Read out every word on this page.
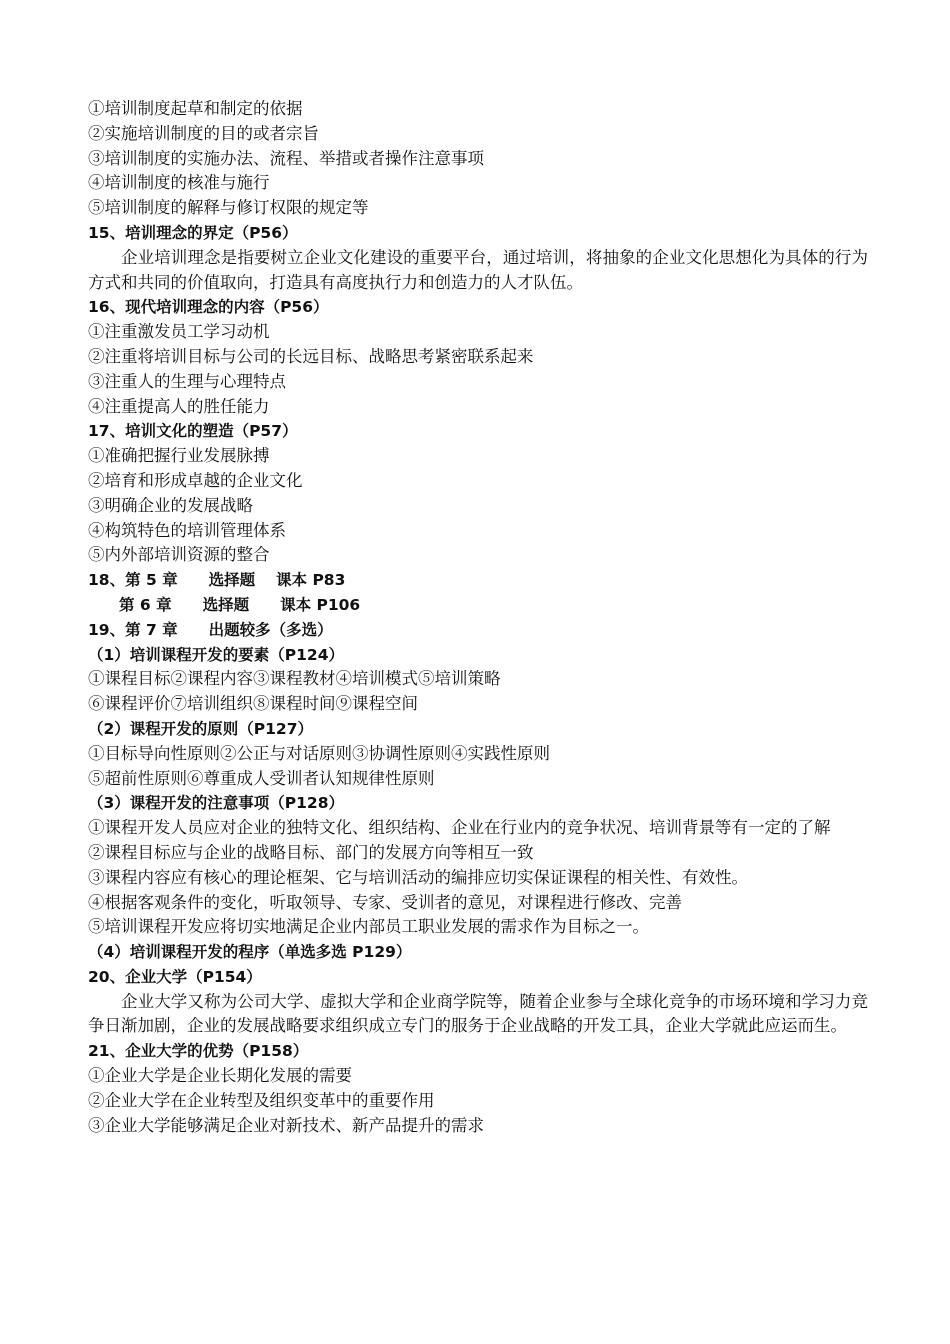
①培训制度起草和制定的依据
②实施培训制度的目的或者宗旨
③培训制度的实施办法、流程、举措或者操作注意事项
④培训制度的核准与施行
⑤培训制度的解释与修订权限的规定等
15、培训理念的界定（P56）
企业培训理念是指要树立企业文化建设的重要平台，通过培训，将抽象的企业文化思想化为具体的行为方式和共同的价值取向，打造具有高度执行力和创造力的人才队伍。
16、现代培训理念的内容（P56）
①注重激发员工学习动机
②注重将培训目标与公司的长远目标、战略思考紧密联系起来
③注重人的生理与心理特点
④注重提高人的胜任能力
17、培训文化的塑造（P57）
①准确把握行业发展脉搏
②培育和形成卓越的企业文化
③明确企业的发展战略
④构筑特色的培训管理体系
⑤内外部培训资源的整合
18、第 5 章　　选择题　 课本 P83
　　第 6 章　　选择题　　课本 P106
19、第 7 章　　出题较多（多选）
（1）培训课程开发的要素（P124）
①课程目标②课程内容③课程教材④培训模式⑤培训策略
⑥课程评价⑦培训组织⑧课程时间⑨课程空间
（2）课程开发的原则（P127）
①目标导向性原则②公正与对话原则③协调性原则④实践性原则
⑤超前性原则⑥尊重成人受训者认知规律性原则
（3）课程开发的注意事项（P128）
①课程开发人员应对企业的独特文化、组织结构、企业在行业内的竞争状况、培训背景等有一定的了解
②课程目标应与企业的战略目标、部门的发展方向等相互一致
③课程内容应有核心的理论框架、它与培训活动的编排应切实保证课程的相关性、有效性。
④根据客观条件的变化，听取领导、专家、受训者的意见，对课程进行修改、完善
⑤培训课程开发应将切实地满足企业内部员工职业发展的需求作为目标之一。
（4）培训课程开发的程序（单选多选 P129）
20、企业大学（P154）
企业大学又称为公司大学、虚拟大学和企业商学院等，随着企业参与全球化竞争的市场环境和学习力竞争日渐加剧，企业的发展战略要求组织成立专门的服务于企业战略的开发工具，企业大学就此应运而生。
21、企业大学的优势（P158）
①企业大学是企业长期化发展的需要
②企业大学在企业转型及组织变革中的重要作用
③企业大学能够满足企业对新技术、新产品提升的需求
